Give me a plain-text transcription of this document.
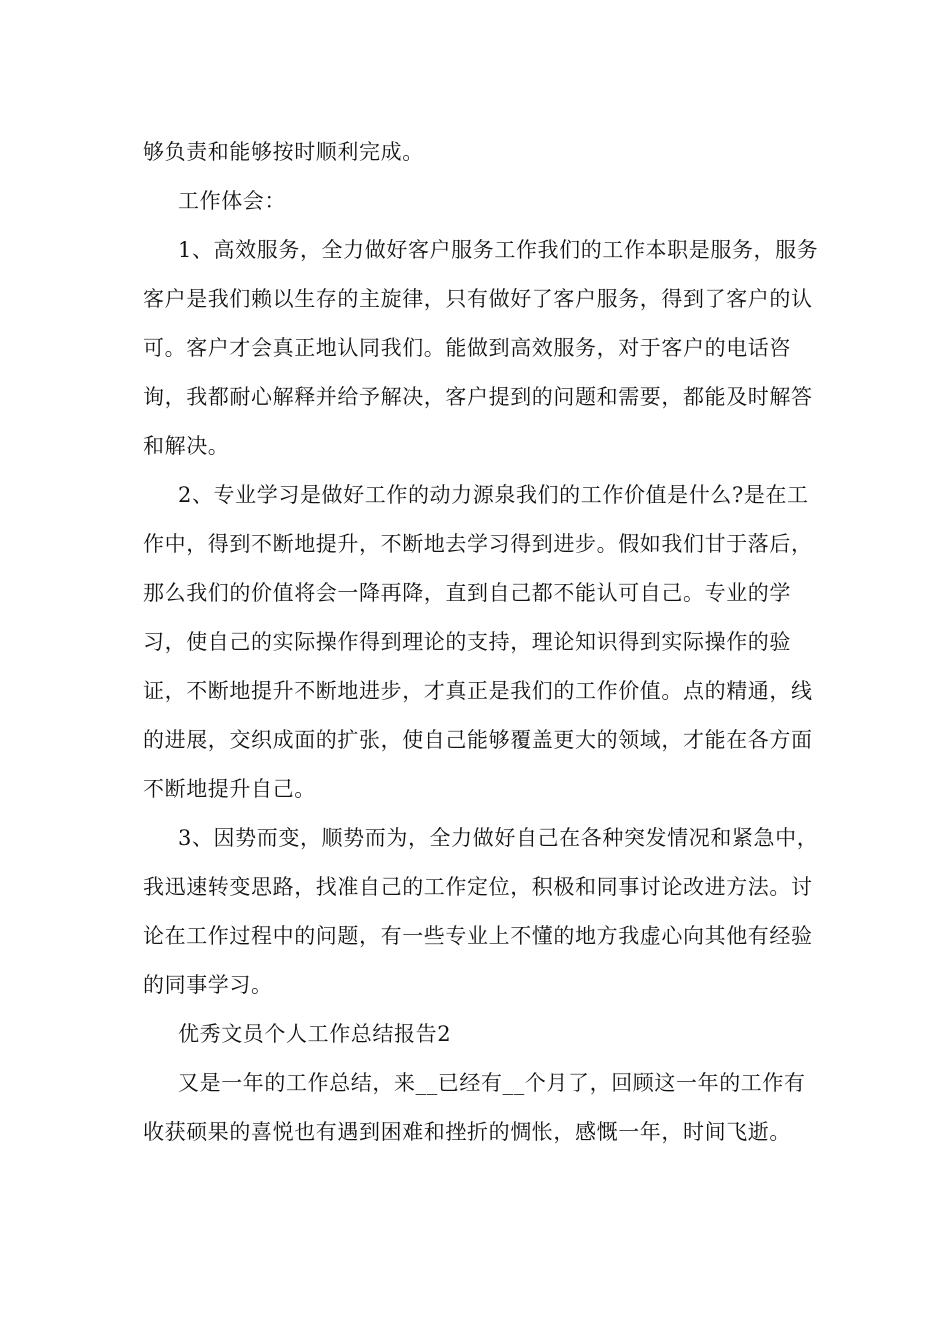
够负责和能够按时顺利完成。

工作体会：

1、高效服务，全力做好客户服务工作我们的工作本职是服务，服务客户是我们赖以生存的主旋律，只有做好了客户服务，得到了客户的认可。客户才会真正地认同我们。能做到高效服务，对于客户的电话咨询，我都耐心解释并给予解决，客户提到的问题和需要，都能及时解答和解决。

2、专业学习是做好工作的动力源泉我们的工作价值是什么?是在工作中，得到不断地提升，不断地去学习得到进步。假如我们甘于落后，那么我们的价值将会一降再降，直到自己都不能认可自己。专业的学习，使自己的实际操作得到理论的支持，理论知识得到实际操作的验证，不断地提升不断地进步，才真正是我们的工作价值。点的精通，线的进展，交织成面的扩张，使自己能够覆盖更大的领域，才能在各方面不断地提升自己。

3、因势而变，顺势而为，全力做好自己在各种突发情况和紧急中，我迅速转变思路，找准自己的工作定位，积极和同事讨论改进方法。讨论在工作过程中的问题，有一些专业上不懂的地方我虚心向其他有经验的同事学习。

优秀文员个人工作总结报告2

又是一年的工作总结，来__已经有__个月了，回顾这一年的工作有收获硕果的喜悦也有遇到困难和挫折的惆怅，感慨一年，时间飞逝。
